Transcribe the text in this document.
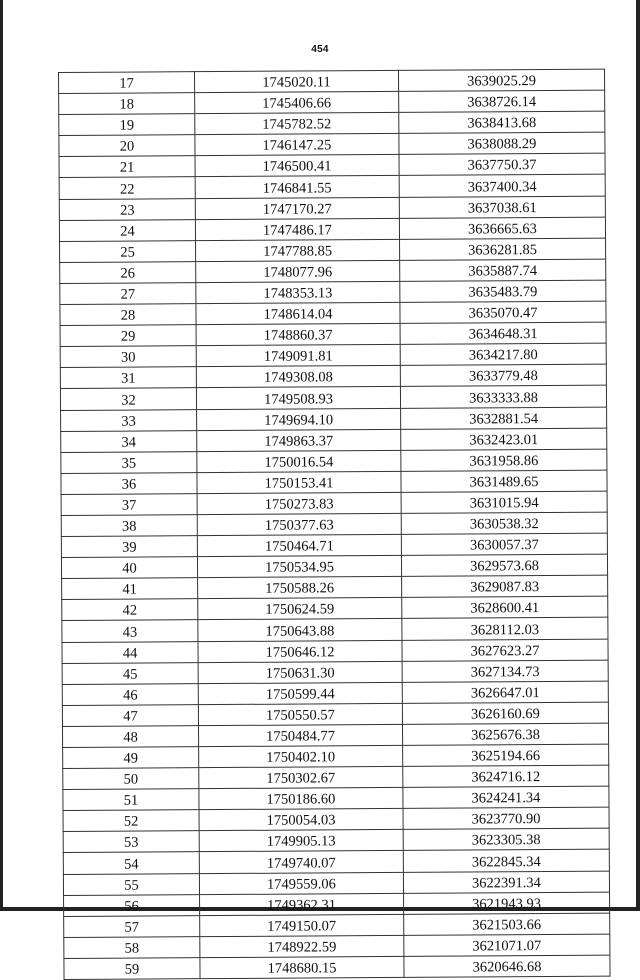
454
17	1745020.11	3639025.29
18	1745406.66	3638726.14
19	1745782.52	3638413.68
20	1746147.25	3638088.29
21	1746500.41	3637750.37
22	1746841.55	3637400.34
23	1747170.27	3637038.61
24	1747486.17	3636665.63
25	1747788.85	3636281.85
26	1748077.96	3635887.74
27	1748353.13	3635483.79
28	1748614.04	3635070.47
29	1748860.37	3634648.31
30	1749091.81	3634217.80
31	1749308.08	3633779.48
32	1749508.93	3633333.88
33	1749694.10	3632881.54
34	1749863.37	3632423.01
35	1750016.54	3631958.86
36	1750153.41	3631489.65
37	1750273.83	3631015.94
38	1750377.63	3630538.32
39	1750464.71	3630057.37
40	1750534.95	3629573.68
41	1750588.26	3629087.83
42	1750624.59	3628600.41
43	1750643.88	3628112.03
44	1750646.12	3627623.27
45	1750631.30	3627134.73
46	1750599.44	3626647.01
47	1750550.57	3626160.69
48	1750484.77	3625676.38
49	1750402.10	3625194.66
50	1750302.67	3624716.12
51	1750186.60	3624241.34
52	1750054.03	3623770.90
53	1749905.13	3623305.38
54	1749740.07	3622845.34
55	1749559.06	3622391.34
56	1749362.31	3621943.93
57	1749150.07	3621503.66
58	1748922.59	3621071.07
59	1748680.15	3620646.68
